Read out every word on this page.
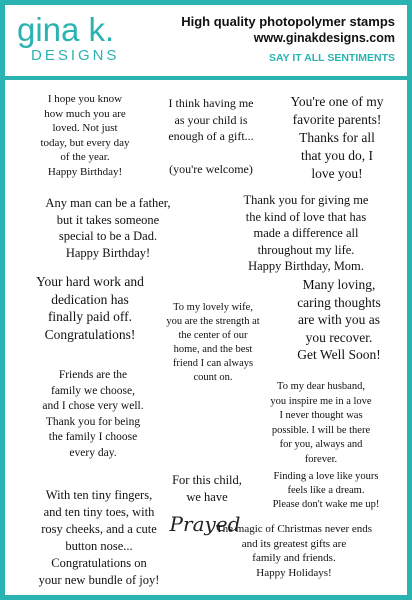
gina k.
DESIGNS
High quality photopolymer stamps
www.ginakdesigns.com
SAY IT ALL SENTIMENTS

I hope you know
how much you are
loved. Not just
today, but every day
of the year.
Happy Birthday!

I think having me
as your child is
enough of a gift...

(you're welcome)

You're one of my
favorite parents!
Thanks for all
that you do, I
love you!

Any man can be a father,
but it takes someone
special to be a Dad.
Happy Birthday!

Thank you for giving me
the kind of love that has
made a difference all
throughout my life.
Happy Birthday, Mom.

Your hard work and
dedication has
finally paid off.
Congratulations!

To my lovely wife,
you are the strength at
the center of our
home, and the best
friend I can always
count on.

Many loving,
caring thoughts
are with you as
you recover.
Get Well Soon!

Friends are the
family we choose,
and I chose very well.
Thank you for being
the family I choose
every day.

To my dear husband,
you inspire me in a love
I never thought was
possible. I will be there
for you, always and
forever.

For this child,
we have

Prayed

Finding a love like yours
feels like a dream.
Please don't wake me up!

With ten tiny fingers,
and ten tiny toes, with
rosy cheeks, and a cute
button nose...
Congratulations on
your new bundle of joy!

The magic of Christmas never ends
and its greatest gifts are
family and friends.
Happy Holidays!
